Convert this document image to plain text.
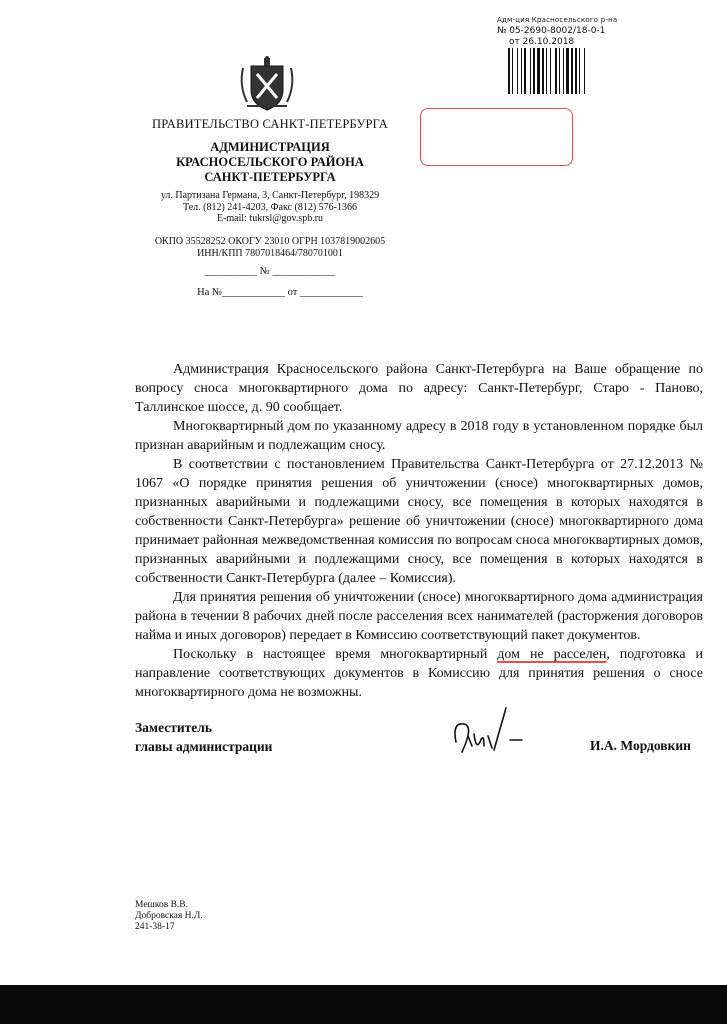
Адм-ция Красносельского р-на
№ 05-2690-8002/18-0-1
от 26.10.2018
ПРАВИТЕЛЬСТВО САНКТ-ПЕТЕРБУРГА
АДМИНИСТРАЦИЯ
КРАСНОСЕЛЬСКОГО РАЙОНА
САНКТ-ПЕТЕРБУРГА
ул. Партизана Германа, 3, Санкт-Петербург, 198329
Тел. (812) 241-4203, Факс (812) 576-1366
E-mail: tukrsl@gov.spb.ru
ОКПО 35528252 ОКОГУ 23010 ОГРН 1037819002605
ИНН/КПП 7807018464/780701001
__________ № ____________
На №____________ от ____________

Администрация Красносельского района Санкт-Петербурга на Ваше обращение по вопросу сноса многоквартирного дома по адресу: Санкт-Петербург, Старо - Паново, Таллинское шоссе, д. 90 сообщает.

Многоквартирный дом по указанному адресу в 2018 году в установленном порядке был признан аварийным и подлежащим сносу.

В соответствии с постановлением Правительства Санкт-Петербурга от 27.12.2013 № 1067 «О порядке принятия решения об уничтожении (сносе) многоквартирных домов, признанных аварийными и подлежащими сносу, все помещения в которых находятся в собственности Санкт-Петербурга» решение об уничтожении (сносе) многоквартирного дома принимает районная межведомственная комиссия по вопросам сноса многоквартирных домов, признанных аварийными и подлежащими сносу, все помещения в которых находятся в собственности Санкт-Петербурга (далее – Комиссия).

Для принятия решения об уничтожении (сносе) многоквартирного дома администрация района в течении 8 рабочих дней после расселения всех нанимателей (расторжения договоров найма и иных договоров) передает в Комиссию соответствующий пакет документов.

Поскольку в настоящее время многоквартирный дом не расселен, подготовка и направление соответствующих документов в Комиссию для принятия решения о сносе многоквартирного дома не возможны.

Заместитель
главы администрации	И.А. Мордовкин
Мешков В.В.
Добровская Н.Л.
241-38-17
